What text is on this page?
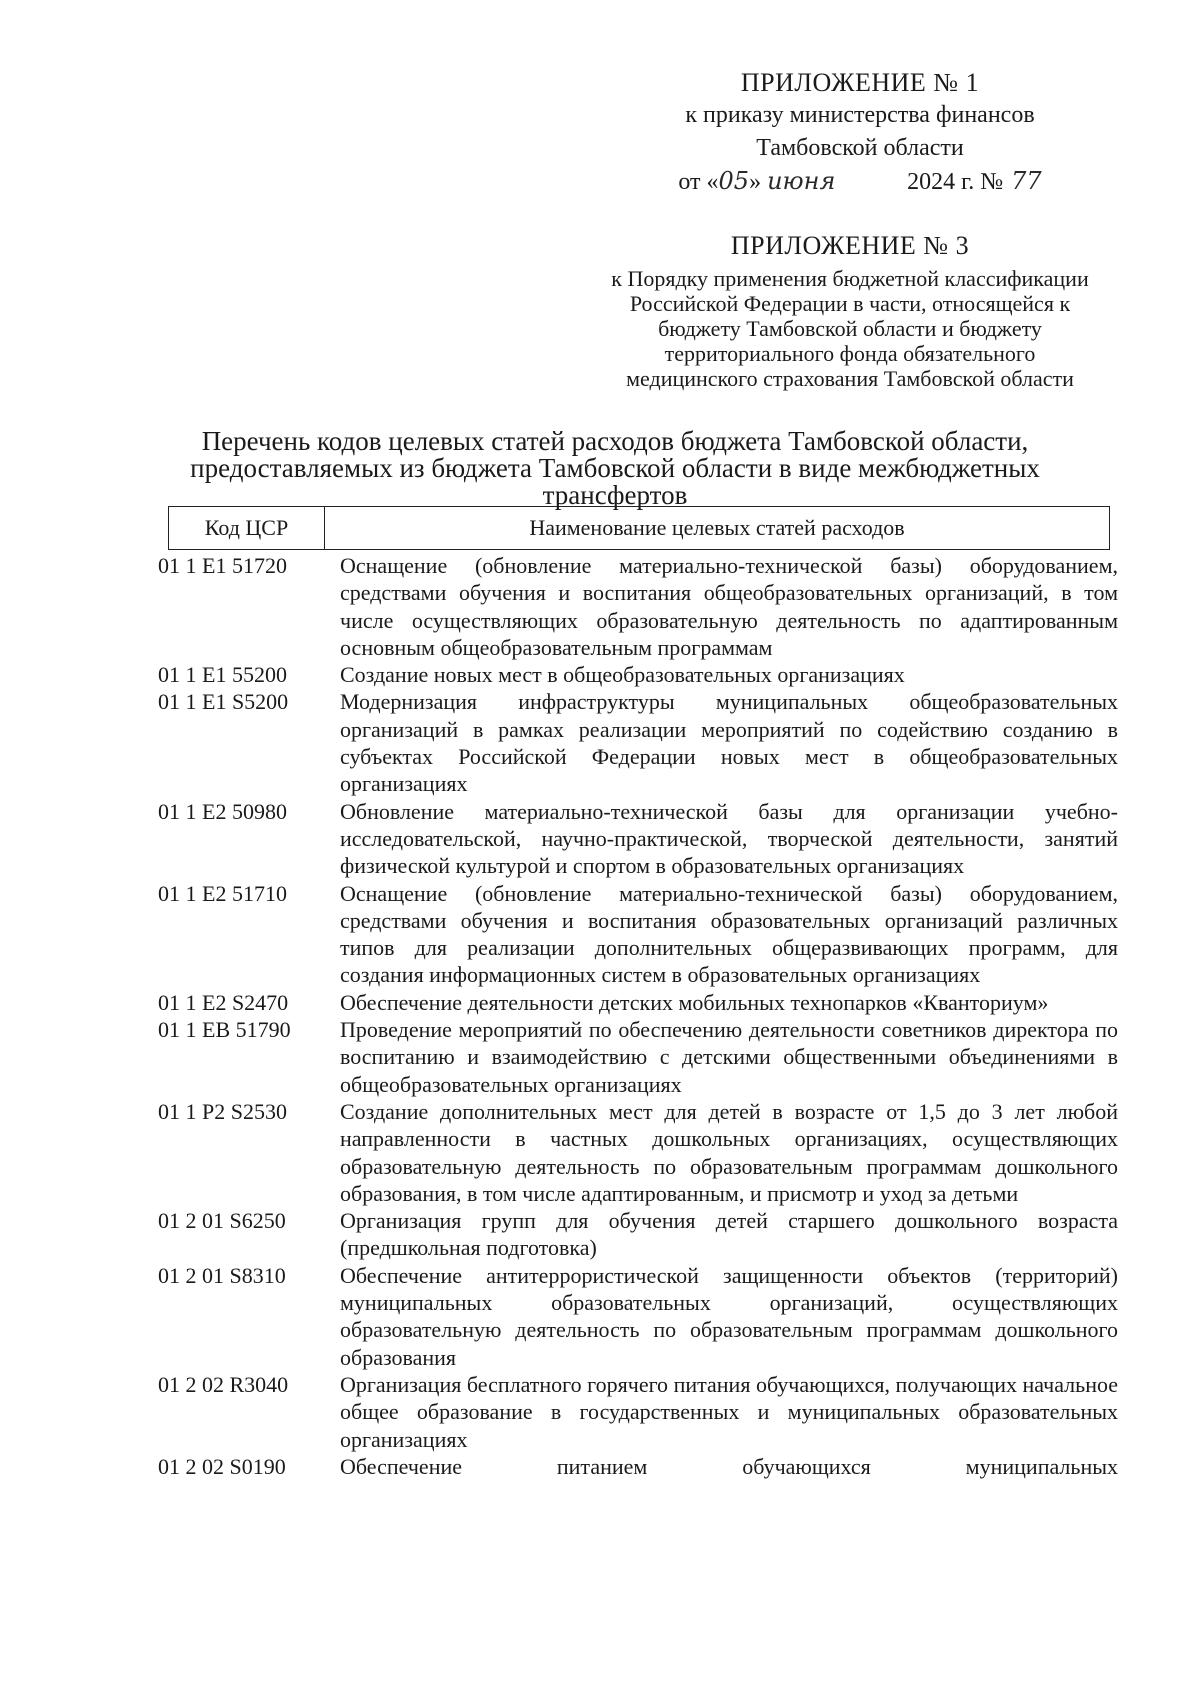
ПРИЛОЖЕНИЕ № 1
к приказу министерства финансов
Тамбовской области
от « 05 » июня	2024 г. № 77
ПРИЛОЖЕНИЕ № 3
к Порядку применения бюджетной классификации
Российской Федерации в части, относящейся к
бюджету Тамбовской области и бюджету
территориального фонда обязательного
медицинского страхования Тамбовской области
Перечень кодов целевых статей расходов бюджета Тамбовской области,
предоставляемых из бюджета Тамбовской области в виде межбюджетных
трансфертов
Код ЦСР	Наименование целевых статей расходов
01 1 E1 51720	Оснащение (обновление материально-технической базы) оборудованием, средствами обучения и воспитания общеобразовательных организаций, в том числе осуществляющих образовательную деятельность по адаптированным основным общеобразовательным программам
01 1 E1 55200	Создание новых мест в общеобразовательных организациях
01 1 E1 S5200	Модернизация инфраструктуры муниципальных общеобразовательных организаций в рамках реализации мероприятий по содействию созданию в субъектах Российской Федерации новых мест в общеобразовательных организациях
01 1 E2 50980	Обновление материально-технической базы для организации учебно-исследовательской, научно-практической, творческой деятельности, занятий физической культурой и спортом в образовательных организациях
01 1 E2 51710	Оснащение (обновление материально-технической базы) оборудованием, средствами обучения и воспитания образовательных организаций различных типов для реализации дополнительных общеразвивающих программ, для создания информационных систем в образовательных организациях
01 1 E2 S2470	Обеспечение деятельности детских мобильных технопарков «Кванториум»
01 1 EB 51790	Проведение мероприятий по обеспечению деятельности советников директора по воспитанию и взаимодействию с детскими общественными объединениями в общеобразовательных организациях
01 1 P2 S2530	Создание дополнительных мест для детей в возрасте от 1,5 до 3 лет любой направленности в частных дошкольных организациях, осуществляющих образовательную деятельность по образовательным программам дошкольного образования, в том числе адаптированным, и присмотр и уход за детьми
01 2 01 S6250	Организация групп для обучения детей старшего дошкольного возраста (предшкольная подготовка)
01 2 01 S8310	Обеспечение антитеррористической защищенности объектов (территорий) муниципальных образовательных организаций, осуществляющих образовательную деятельность по образовательным программам дошкольного образования
01 2 02 R3040	Организация бесплатного горячего питания обучающихся, получающих начальное общее образование в государственных и муниципальных образовательных организациях
01 2 02 S0190	Обеспечение питанием обучающихся муниципальных
